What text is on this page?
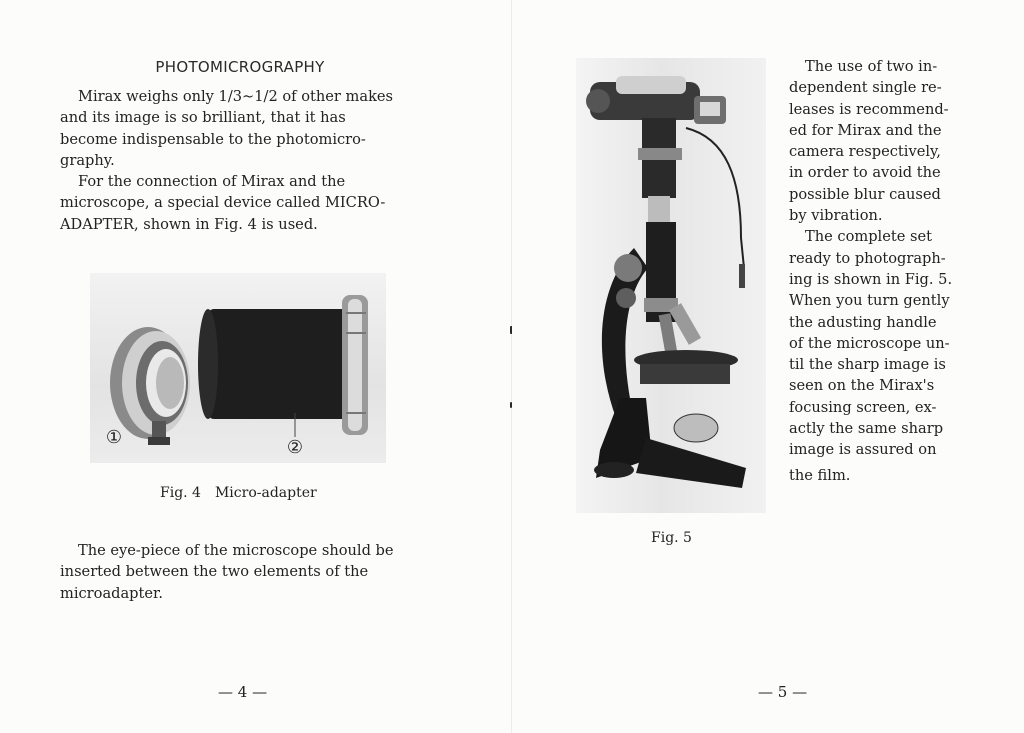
PHOTOMICROGRAPHY
Mirax weighs only 1/3∼1/2 of other makes
and its image is so brilliant, that it has
become indispensable to the photomicro-
graphy.
For the connection of Mirax and the
microscope, a special device called MICRO-
ADAPTER, shown in Fig. 4 is used.
①	②
Fig. 4 Micro-adapter
The eye-piece of the microscope should be
inserted between the two elements of the
microadapter.
— 4 —
The use of two in-
dependent single re-
leases is recommend-
ed for Mirax and the
camera respectively,
in order to avoid the
possible blur caused
by vibration.
The complete set
ready to photograph-
ing is shown in Fig. 5.
When you turn gently
the adusting handle
of the microscope un-
til the sharp image is
seen on the Mirax's
focusing screen, ex-
actly the same sharp
image is assured on
the film.
Fig. 5
— 5 —
